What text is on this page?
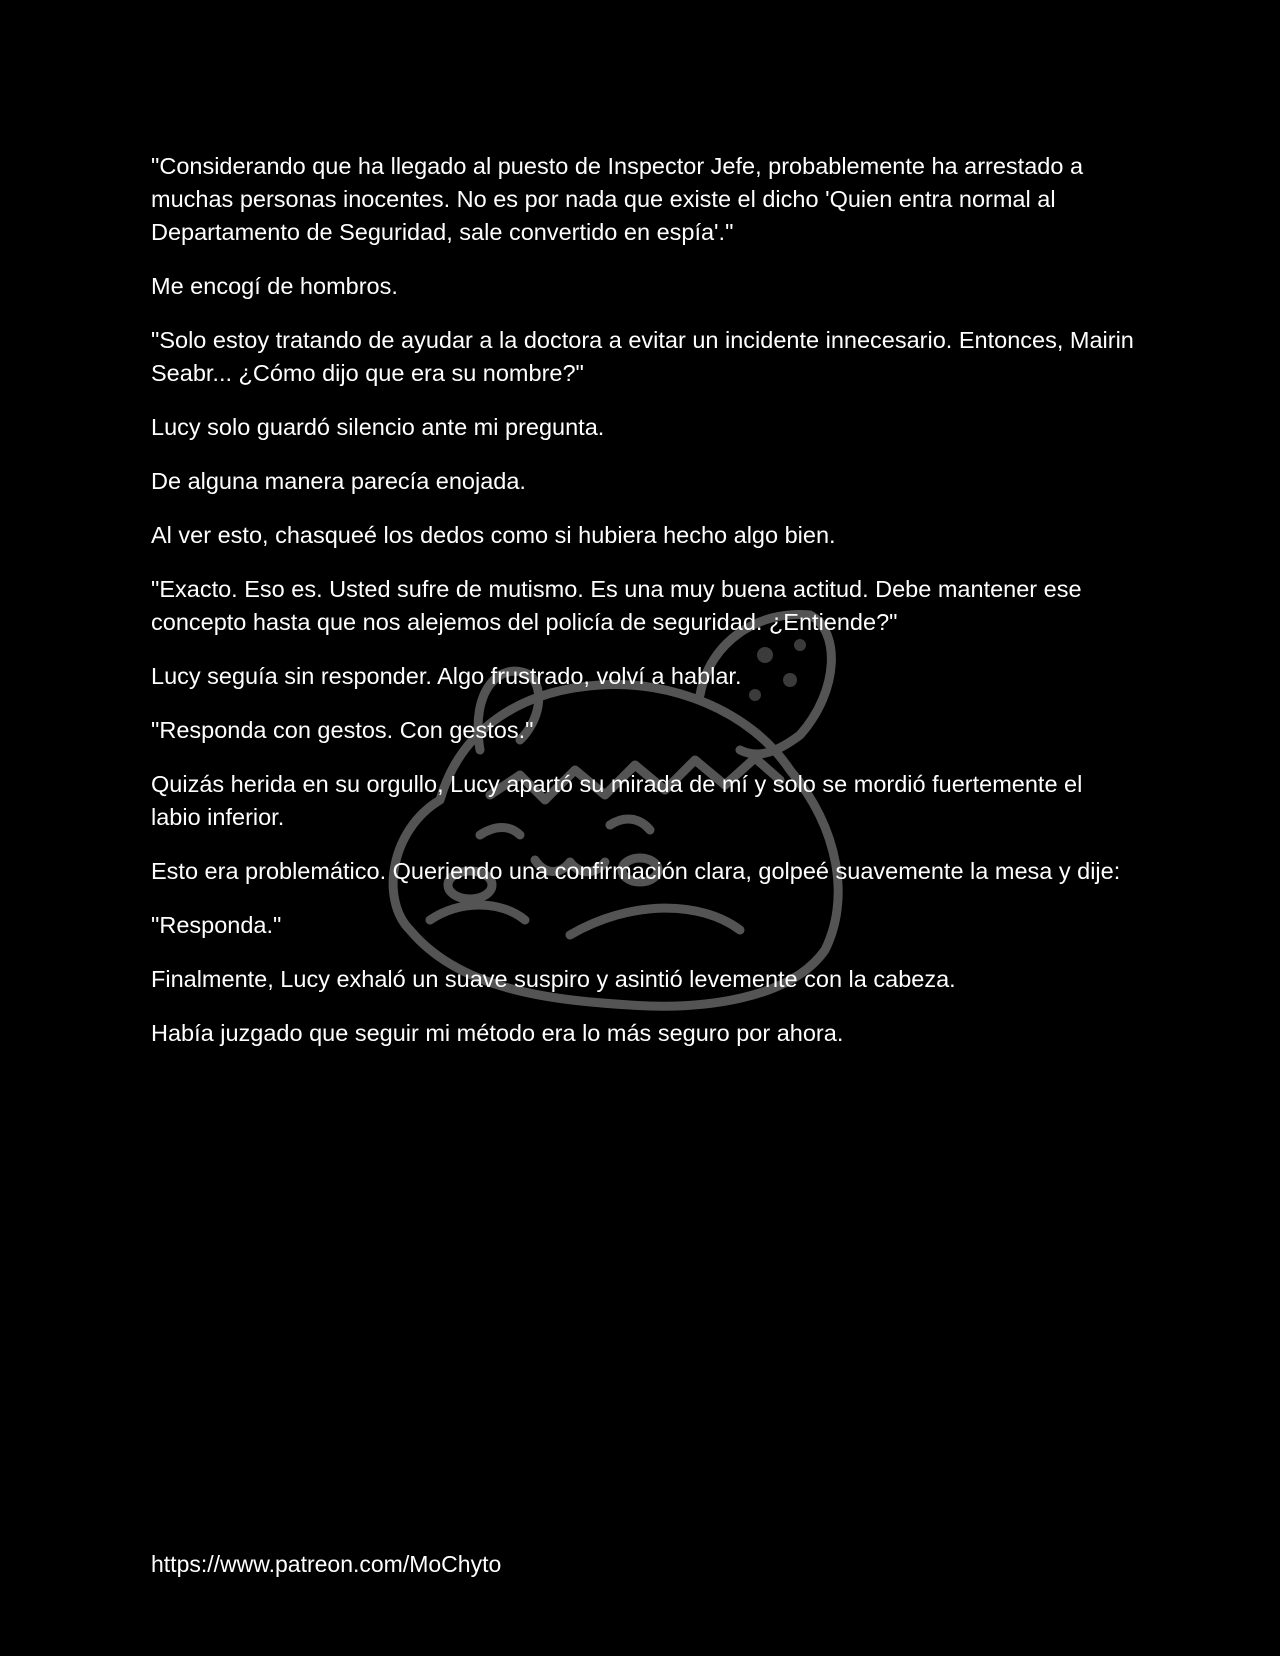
"Considerando que ha llegado al puesto de Inspector Jefe, probablemente ha arrestado a muchas personas inocentes. No es por nada que existe el dicho 'Quien entra normal al Departamento de Seguridad, sale convertido en espía'."

Me encogí de hombros.

"Solo estoy tratando de ayudar a la doctora a evitar un incidente innecesario. Entonces, Mairin Seabr... ¿Cómo dijo que era su nombre?"

Lucy solo guardó silencio ante mi pregunta.

De alguna manera parecía enojada.

Al ver esto, chasqueé los dedos como si hubiera hecho algo bien.

"Exacto. Eso es. Usted sufre de mutismo. Es una muy buena actitud. Debe mantener ese concepto hasta que nos alejemos del policía de seguridad. ¿Entiende?"

Lucy seguía sin responder. Algo frustrado, volví a hablar.

"Responda con gestos. Con gestos."

Quizás herida en su orgullo, Lucy apartó su mirada de mí y solo se mordió fuertemente el labio inferior.

Esto era problemático. Queriendo una confirmación clara, golpeé suavemente la mesa y dije:

"Responda."

Finalmente, Lucy exhaló un suave suspiro y asintió levemente con la cabeza.

Había juzgado que seguir mi método era lo más seguro por ahora.

https://www.patreon.com/MoChyto
